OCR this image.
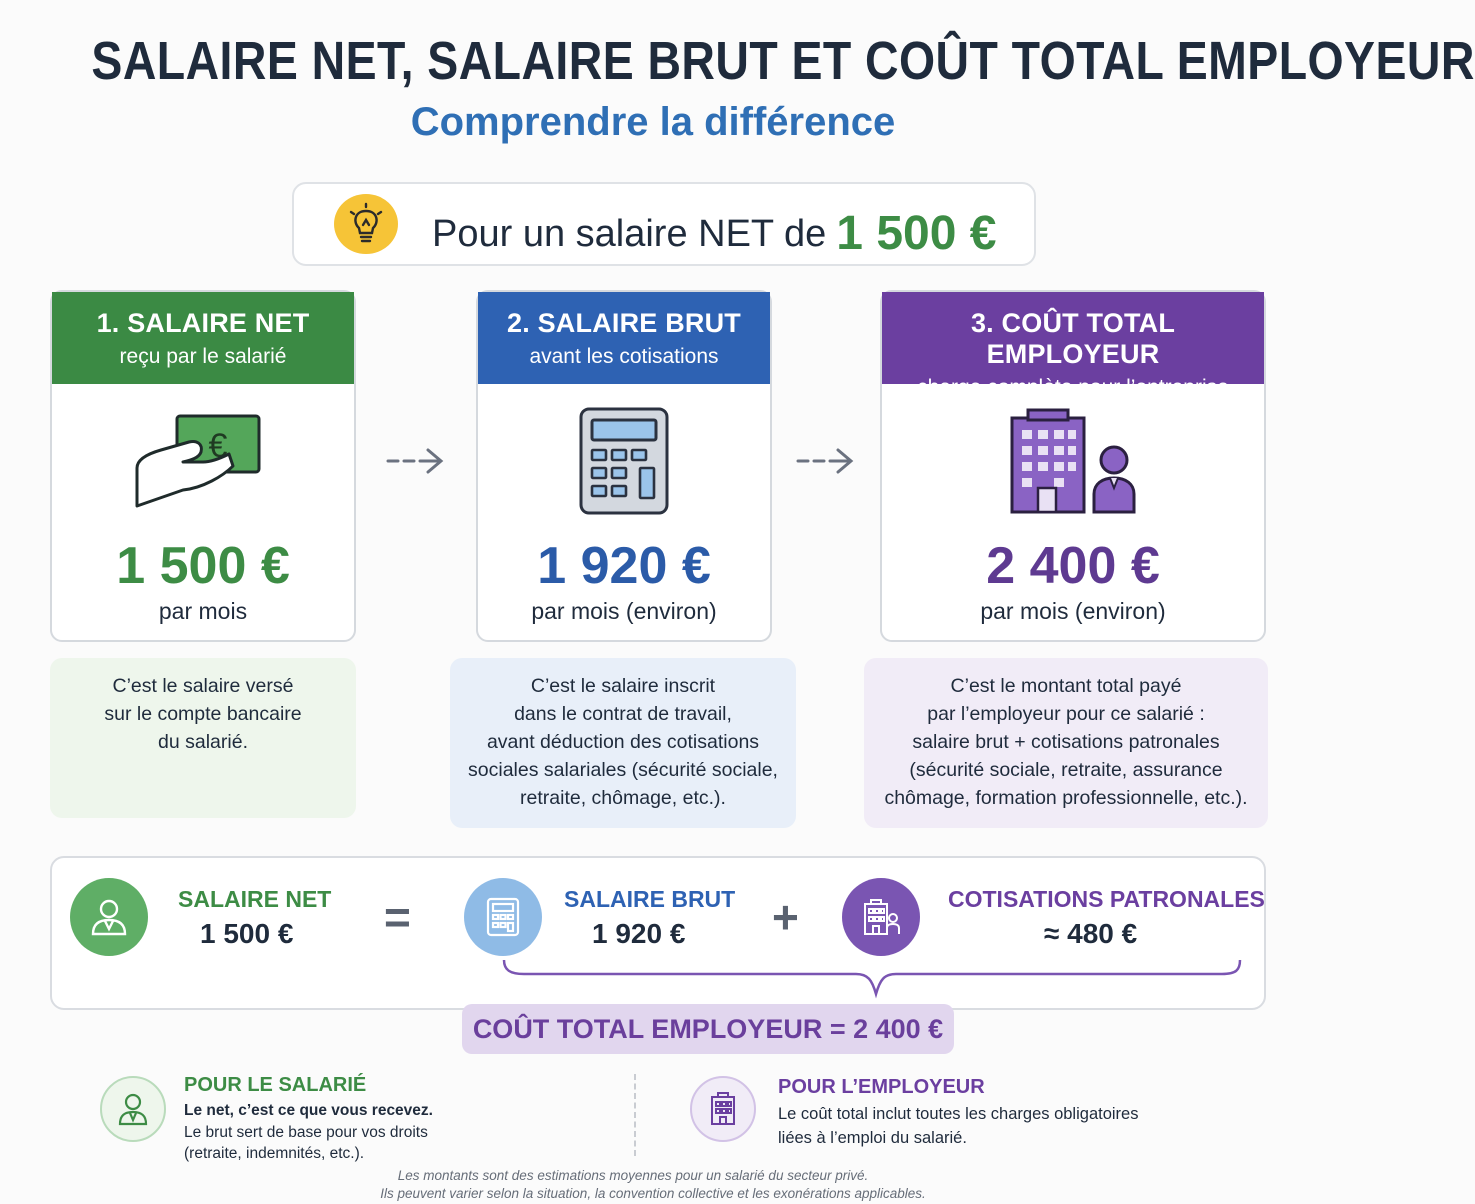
SALAIRE NET, SALAIRE BRUT ET COÛT TOTAL EMPLOYEUR
Comprendre la différence
Pour un salaire NET de 1 500 €
1. SALAIRE NET
reçu par le salarié
€
1 500 €
par mois
2. SALAIRE BRUT
avant les cotisations
1 920 €
par mois (environ)
3. COÛT TOTAL EMPLOYEUR
charge complète pour l’entreprise
2 400 €
par mois (environ)
C’est le salaire versé
sur le compte bancaire
du salarié.
C’est le salaire inscrit
dans le contrat de travail,
avant déduction des cotisations
sociales salariales (sécurité sociale,
retraite, chômage, etc.).
C’est le montant total payé
par l’employeur pour ce salarié :
salaire brut + cotisations patronales
(sécurité sociale, retraite, assurance
chômage, formation professionnelle, etc.).
SALAIRE NET
1 500 € =	SALAIRE BRUT
1 920 € +	COTISATIONS PATRONALES
≈ 480 €
COÛT TOTAL EMPLOYEUR = 2 400 €
POUR LE SALARIÉ
Le net, c’est ce que vous recevez.
Le brut sert de base pour vos droits
(retraite, indemnités, etc.).
POUR L’EMPLOYEUR
Le coût total inclut toutes les charges obligatoires
liées à l’emploi du salarié.
Les montants sont des estimations moyennes pour un salarié du secteur privé.
Ils peuvent varier selon la situation, la convention collective et les exonérations applicables.
